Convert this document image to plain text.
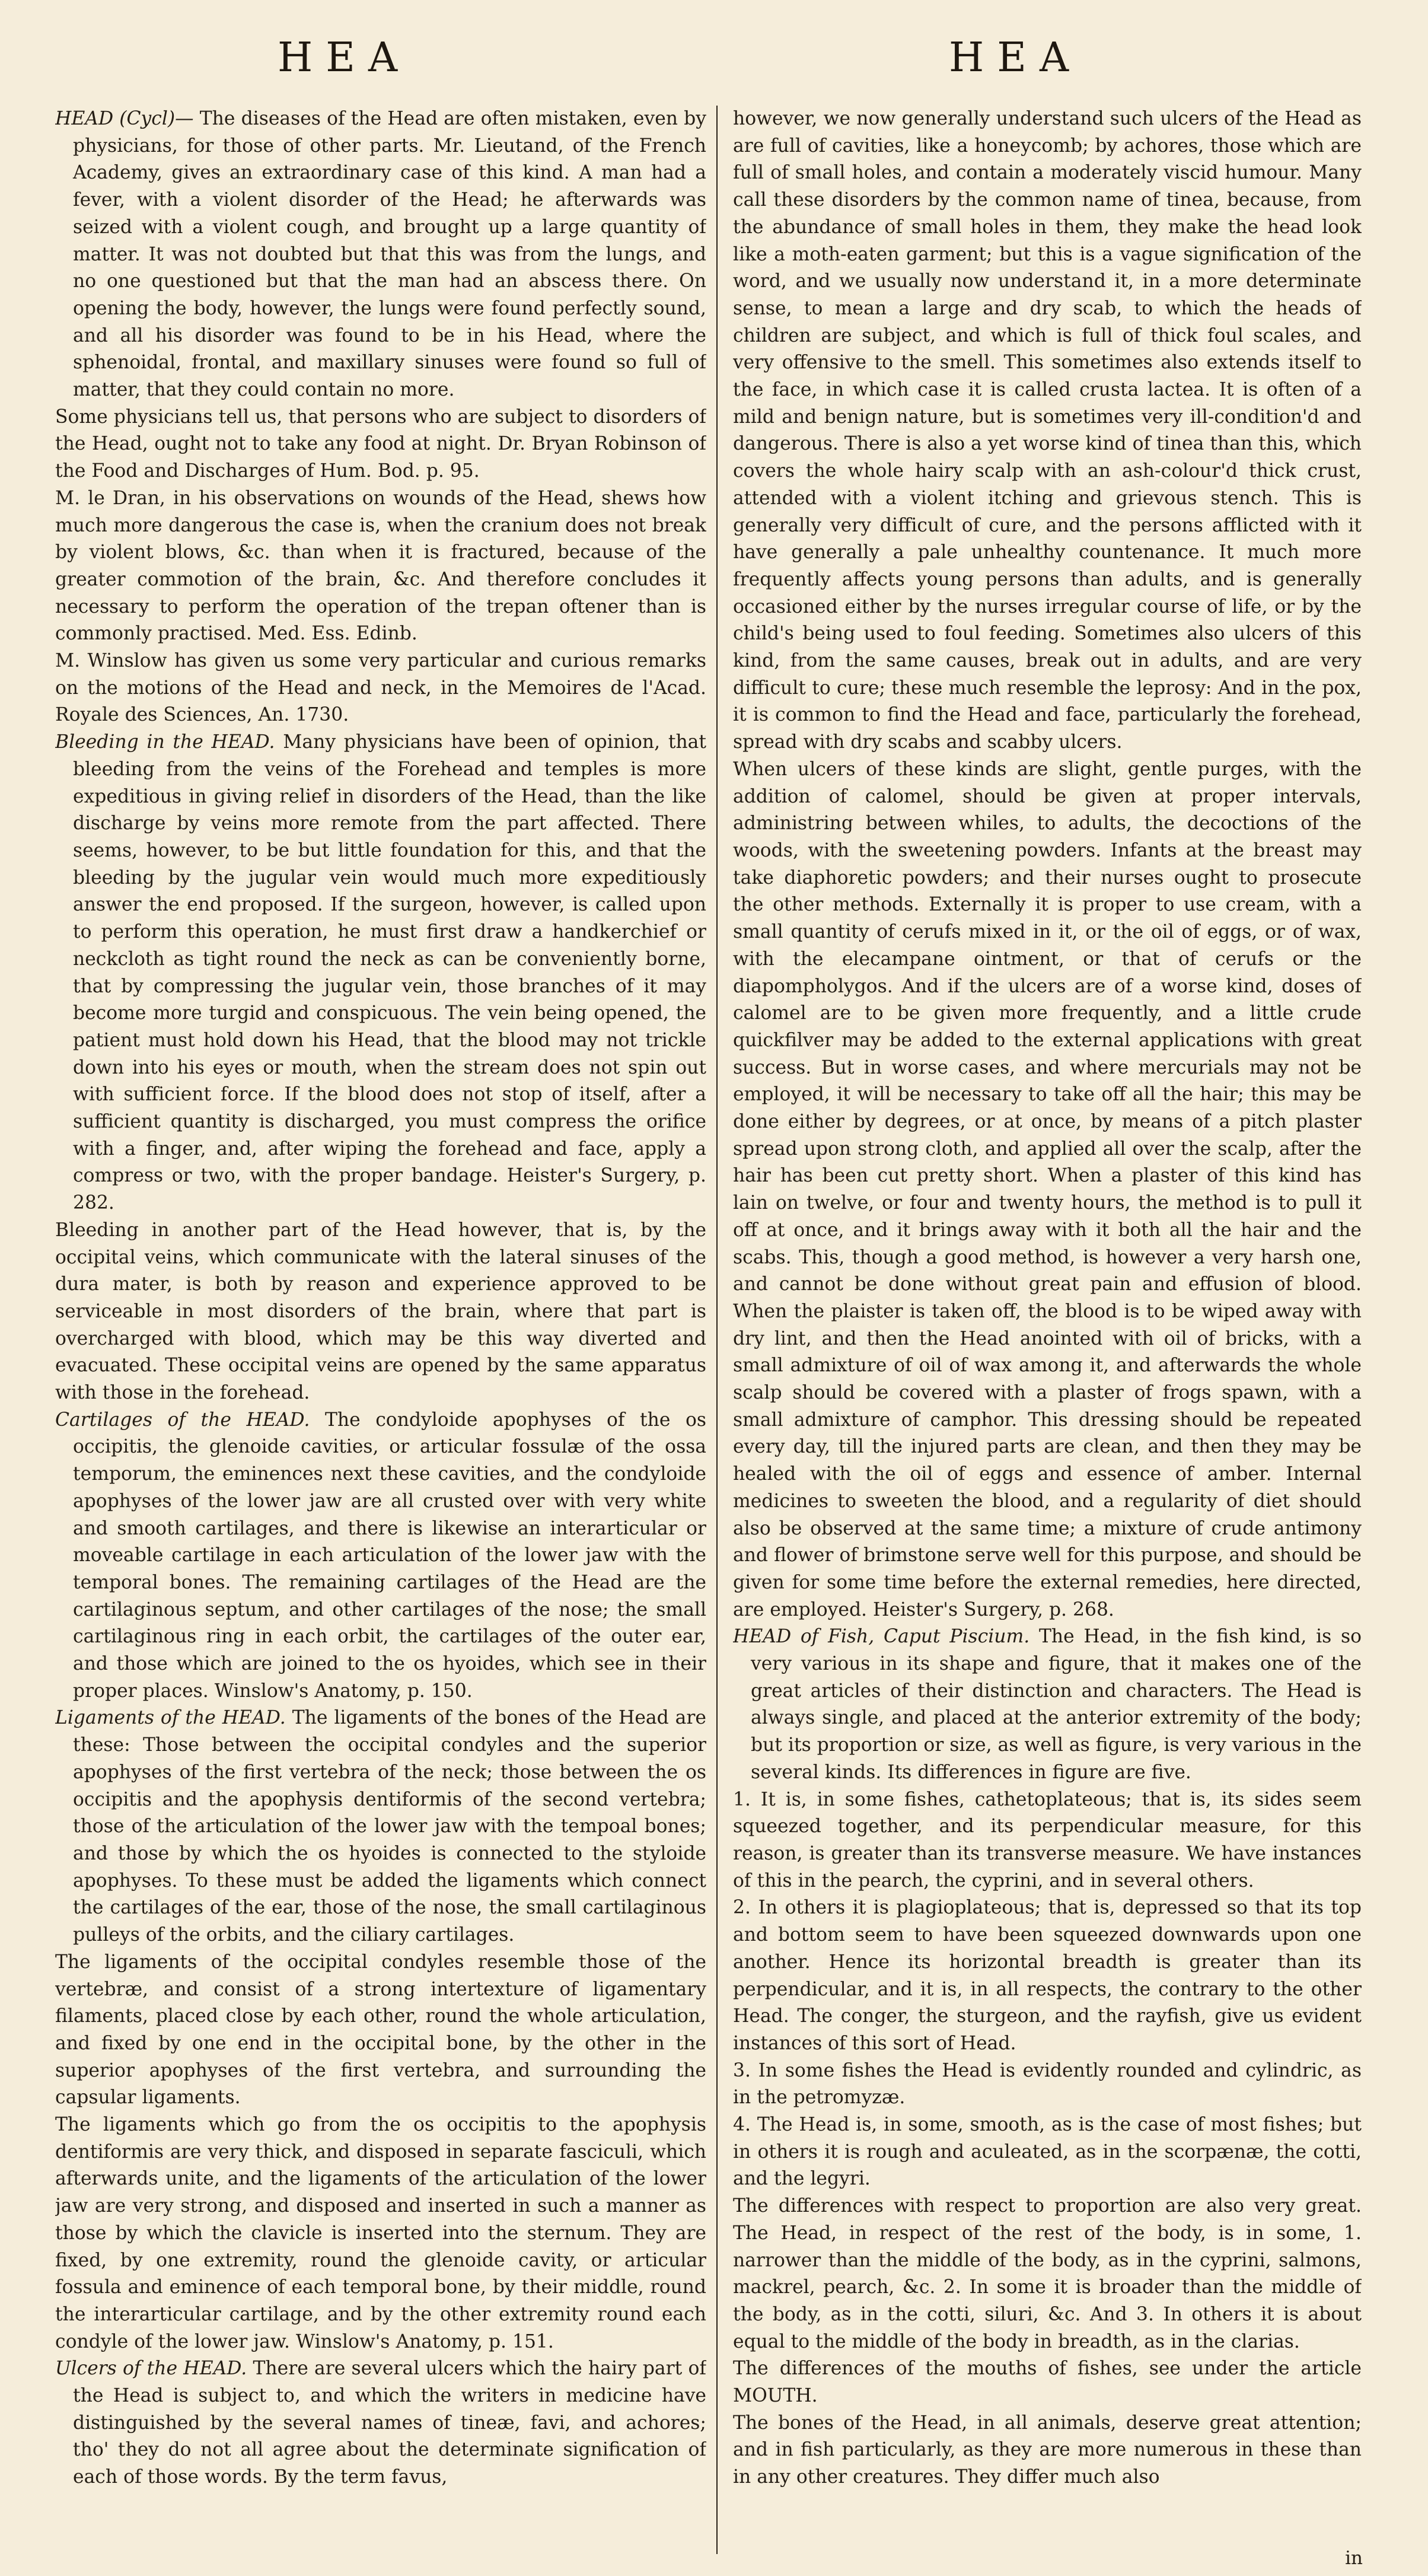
HEA	HEA

HEAD (Cycl)— The diseases of the Head are often mistaken, even by physicians, for those of other parts. Mr. Lieutand, of the French Academy, gives an extraordinary case of this kind. A man had a fever, with a violent disorder of the Head; he afterwards was seized with a violent cough, and brought up a large quantity of matter. It was not doubted but that this was from the lungs, and no one questioned but that the man had an abscess there. On opening the body, however, the lungs were found perfectly sound, and all his disorder was found to be in his Head, where the sphenoidal, frontal, and maxillary sinuses were found so full of matter, that they could contain no more.

Some physicians tell us, that persons who are subject to disorders of the Head, ought not to take any food at night. Dr. Bryan Robinson of the Food and Discharges of Hum. Bod. p. 95.

M. le Dran, in his observations on wounds of the Head, shews how much more dangerous the case is, when the cranium does not break by violent blows, &c. than when it is fractured, because of the greater commotion of the brain, &c. And therefore concludes it necessary to perform the operation of the trepan oftener than is commonly practised. Med. Ess. Edinb.

M. Winslow has given us some very particular and curious remarks on the motions of the Head and neck, in the Memoires de l'Acad. Royale des Sciences, An. 1730.

Bleeding in the HEAD. Many physicians have been of opinion, that bleeding from the veins of the Forehead and temples is more expeditious in giving relief in disorders of the Head, than the like discharge by veins more remote from the part affected. There seems, however, to be but little foundation for this, and that the bleeding by the jugular vein would much more expeditiously answer the end proposed. If the surgeon, however, is called upon to perform this operation, he must first draw a handkerchief or neckcloth as tight round the neck as can be conveniently borne, that by compressing the jugular vein, those branches of it may become more turgid and conspicuous. The vein being opened, the patient must hold down his Head, that the blood may not trickle down into his eyes or mouth, when the stream does not spin out with sufficient force. If the blood does not stop of itself, after a sufficient quantity is discharged, you must compress the orifice with a finger, and, after wiping the forehead and face, apply a compress or two, with the proper bandage. Heister's Surgery, p. 282.

Bleeding in another part of the Head however, that is, by the occipital veins, which communicate with the lateral sinuses of the dura mater, is both by reason and experience approved to be serviceable in most disorders of the brain, where that part is overcharged with blood, which may be this way diverted and evacuated. These occipital veins are opened by the same apparatus with those in the forehead.

Cartilages of the HEAD. The condyloide apophyses of the os occipitis, the glenoide cavities, or articular fossulæ of the ossa temporum, the eminences next these cavities, and the condyloide apophyses of the lower jaw are all crusted over with very white and smooth cartilages, and there is likewise an interarticular or moveable cartilage in each articulation of the lower jaw with the temporal bones. The remaining cartilages of the Head are the cartilaginous septum, and other cartilages of the nose; the small cartilaginous ring in each orbit, the cartilages of the outer ear, and those which are joined to the os hyoides, which see in their proper places. Winslow's Anatomy, p. 150.

Ligaments of the HEAD. The ligaments of the bones of the Head are these: Those between the occipital condyles and the superior apophyses of the first vertebra of the neck; those between the os occipitis and the apophysis dentiformis of the second vertebra; those of the articulation of the lower jaw with the tempoal bones; and those by which the os hyoides is connected to the styloide apophyses. To these must be added the ligaments which connect the cartilages of the ear, those of the nose, the small cartilaginous pulleys of the orbits, and the ciliary cartilages.

The ligaments of the occipital condyles resemble those of the vertebræ, and consist of a strong intertexture of ligamentary filaments, placed close by each other, round the whole articulation, and fixed by one end in the occipital bone, by the other in the superior apophyses of the first vertebra, and surrounding the capsular ligaments.

The ligaments which go from the os occipitis to the apophysis dentiformis are very thick, and disposed in separate fasciculi, which afterwards unite, and the ligaments of the articulation of the lower jaw are very strong, and disposed and inserted in such a manner as those by which the clavicle is inserted into the sternum. They are fixed, by one extremity, round the glenoide cavity, or articular fossula and eminence of each temporal bone, by their middle, round the interarticular cartilage, and by the other extremity round each condyle of the lower jaw. Winslow's Anatomy, p. 151.

Ulcers of the HEAD. There are several ulcers which the hairy part of the Head is subject to, and which the writers in medicine have distinguished by the several names of tineæ, favi, and achores; tho' they do not all agree about the determinate signification of each of those words. By the term favus,

however, we now generally understand such ulcers of the Head as are full of cavities, like a honeycomb; by achores, those which are full of small holes, and contain a moderately viscid humour. Many call these disorders by the common name of tinea, because, from the abundance of small holes in them, they make the head look like a moth-eaten garment; but this is a vague signification of the word, and we usually now understand it, in a more determinate sense, to mean a large and dry scab, to which the heads of children are subject, and which is full of thick foul scales, and very offensive to the smell. This sometimes also extends itself to the face, in which case it is called crusta lactea. It is often of a mild and benign nature, but is sometimes very ill-condition'd and dangerous. There is also a yet worse kind of tinea than this, which covers the whole hairy scalp with an ash-colour'd thick crust, attended with a violent itching and grievous stench. This is generally very difficult of cure, and the persons afflicted with it have generally a pale unhealthy countenance. It much more frequently affects young persons than adults, and is generally occasioned either by the nurses irregular course of life, or by the child's being used to foul feeding. Sometimes also ulcers of this kind, from the same causes, break out in adults, and are very difficult to cure; these much resemble the leprosy: And in the pox, it is common to find the Head and face, particularly the forehead, spread with dry scabs and scabby ulcers.

When ulcers of these kinds are slight, gentle purges, with the addition of calomel, should be given at proper intervals, administring between whiles, to adults, the decoctions of the woods, with the sweetening powders. Infants at the breast may take diaphoretic powders; and their nurses ought to prosecute the other methods. Externally it is proper to use cream, with a small quantity of cerufs mixed in it, or the oil of eggs, or of wax, with the elecampane ointment, or that of cerufs or the diapompholygos. And if the ulcers are of a worse kind, doses of calomel are to be given more frequently, and a little crude quickfilver may be added to the external applications with great success. But in worse cases, and where mercurials may not be employed, it will be necessary to take off all the hair; this may be done either by degrees, or at once, by means of a pitch plaster spread upon strong cloth, and applied all over the scalp, after the hair has been cut pretty short. When a plaster of this kind has lain on twelve, or four and twenty hours, the method is to pull it off at once, and it brings away with it both all the hair and the scabs. This, though a good method, is however a very harsh one, and cannot be done without great pain and effusion of blood. When the plaister is taken off, the blood is to be wiped away with dry lint, and then the Head anointed with oil of bricks, with a small admixture of oil of wax among it, and afterwards the whole scalp should be covered with a plaster of frogs spawn, with a small admixture of camphor. This dressing should be repeated every day, till the injured parts are clean, and then they may be healed with the oil of eggs and essence of amber. Internal medicines to sweeten the blood, and a regularity of diet should also be observed at the same time; a mixture of crude antimony and flower of brimstone serve well for this purpose, and should be given for some time before the external remedies, here directed, are employed. Heister's Surgery, p. 268.

HEAD of Fish, Caput Piscium. The Head, in the fish kind, is so very various in its shape and figure, that it makes one of the great articles of their distinction and characters. The Head is always single, and placed at the anterior extremity of the body; but its proportion or size, as well as figure, is very various in the several kinds. Its differences in figure are five.

1. It is, in some fishes, cathetoplateous; that is, its sides seem squeezed together, and its perpendicular measure, for this reason, is greater than its transverse measure. We have instances of this in the pearch, the cyprini, and in several others.

2. In others it is plagioplateous; that is, depressed so that its top and bottom seem to have been squeezed downwards upon one another. Hence its horizontal breadth is greater than its perpendicular, and it is, in all respects, the contrary to the other Head. The conger, the sturgeon, and the rayfish, give us evident instances of this sort of Head.

3. In some fishes the Head is evidently rounded and cylindric, as in the petromyzæ.

4. The Head is, in some, smooth, as is the case of most fishes; but in others it is rough and aculeated, as in the scorpænæ, the cotti, and the legyri.

The differences with respect to proportion are also very great. The Head, in respect of the rest of the body, is in some, 1. narrower than the middle of the body, as in the cyprini, salmons, mackrel, pearch, &c. 2. In some it is broader than the middle of the body, as in the cotti, siluri, &c. And 3. In others it is about equal to the middle of the body in breadth, as in the clarias.

The differences of the mouths of fishes, see under the article MOUTH.

The bones of the Head, in all animals, deserve great attention; and in fish particularly, as they are more numerous in these than in any other creatures. They differ much also

in
